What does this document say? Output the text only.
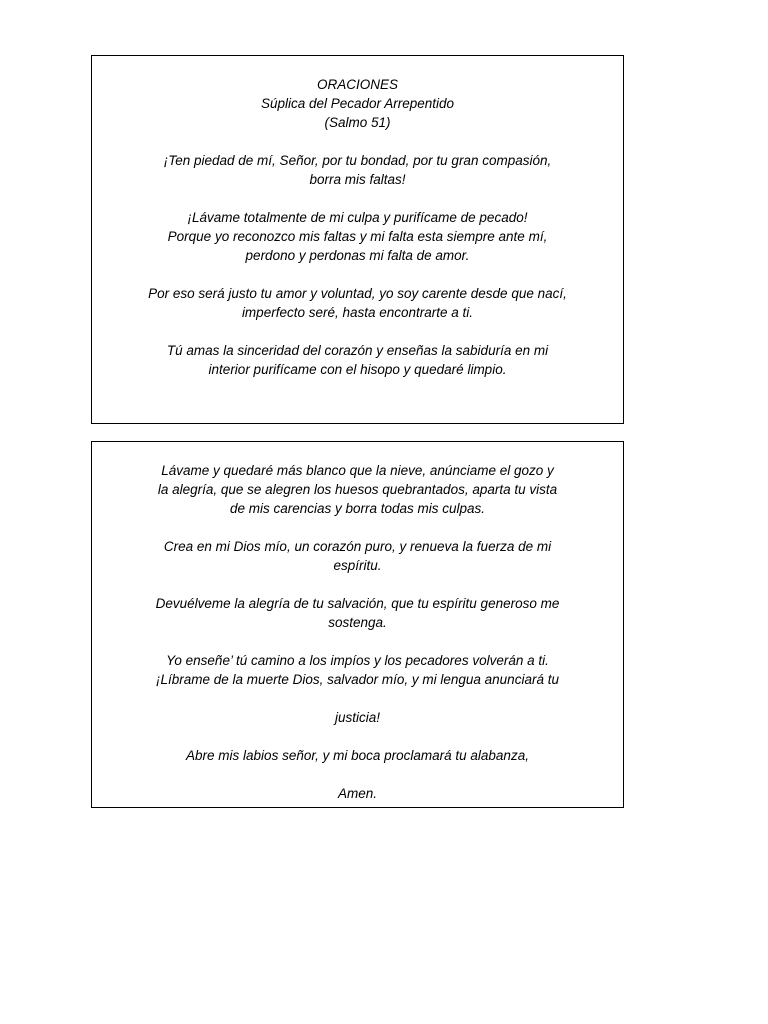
ORACIONES
Súplica del Pecador Arrepentido
(Salmo 51)
¡Ten piedad de mí, Señor, por tu bondad, por tu gran compasión,
borra mis faltas!
¡Lávame totalmente de mi culpa y purifícame de pecado!
Porque yo reconozco mis faltas y mi falta esta siempre ante mí,
perdono y perdonas mi falta de amor.
Por eso será justo tu amor y voluntad, yo soy carente desde que nací,
imperfecto seré, hasta encontrarte a ti.
Tú amas la sinceridad del corazón y enseñas la sabiduría en mi
interior purifícame con el hisopo y quedaré limpio.
Lávame y quedaré más blanco que la nieve, anúnciame el gozo y
la alegría, que se alegren los huesos quebrantados, aparta tu vista
de mis carencias y borra todas mis culpas.
Crea en mi Dios mío, un corazón puro, y renueva la fuerza de mi
espíritu.
Devuélveme la alegría de tu salvación, que tu espíritu generoso me
sostenga.
Yo enseñe’ tú camino a los impíos y los pecadores volverán a ti.
¡Líbrame de la muerte Dios, salvador mío, y mi lengua anunciará tu
justicia!
Abre mis labios señor, y mi boca proclamará tu alabanza,
Amen.
